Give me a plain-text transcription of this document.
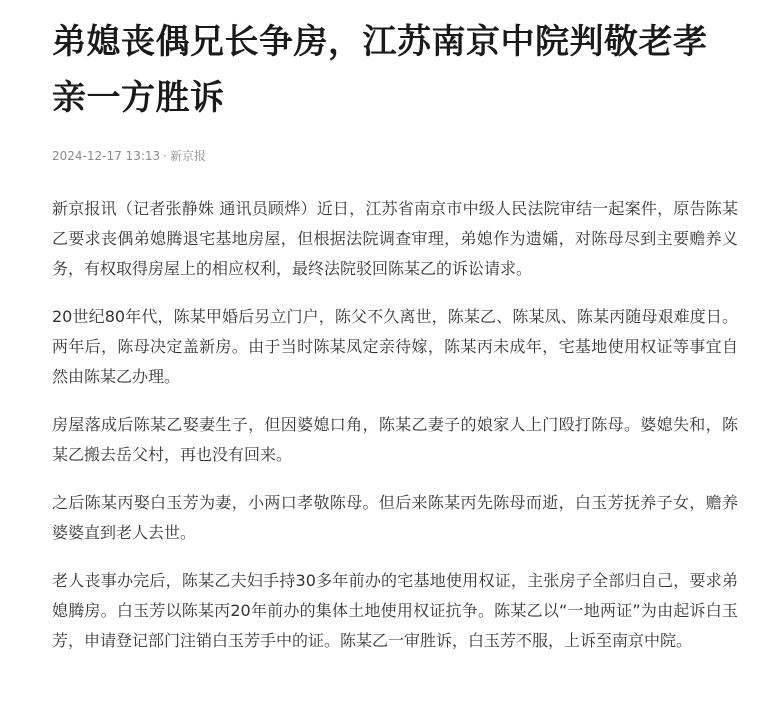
弟媳丧偶兄长争房，江苏南京中院判敬老孝亲一方胜诉
2024-12-17 13:13 · 新京报

新京报讯（记者张静姝 通讯员顾烨）近日，江苏省南京市中级人民法院审结一起案件，原告陈某乙要求丧偶弟媳腾退宅基地房屋，但根据法院调查审理，弟媳作为遗孀，对陈母尽到主要赡养义务，有权取得房屋上的相应权利，最终法院驳回陈某乙的诉讼请求。

20世纪80年代，陈某甲婚后另立门户，陈父不久离世，陈某乙、陈某凤、陈某丙随母艰难度日。两年后，陈母决定盖新房。由于当时陈某凤定亲待嫁，陈某丙未成年，宅基地使用权证等事宜自然由陈某乙办理。

房屋落成后陈某乙娶妻生子，但因婆媳口角，陈某乙妻子的娘家人上门殴打陈母。婆媳失和，陈某乙搬去岳父村，再也没有回来。

之后陈某丙娶白玉芳为妻，小两口孝敬陈母。但后来陈某丙先陈母而逝，白玉芳抚养子女，赡养婆婆直到老人去世。

老人丧事办完后，陈某乙夫妇手持30多年前办的宅基地使用权证，主张房子全部归自己，要求弟媳腾房。白玉芳以陈某丙20年前办的集体土地使用权证抗争。陈某乙以“一地两证”为由起诉白玉芳，申请登记部门注销白玉芳手中的证。陈某乙一审胜诉，白玉芳不服，上诉至南京中院。
